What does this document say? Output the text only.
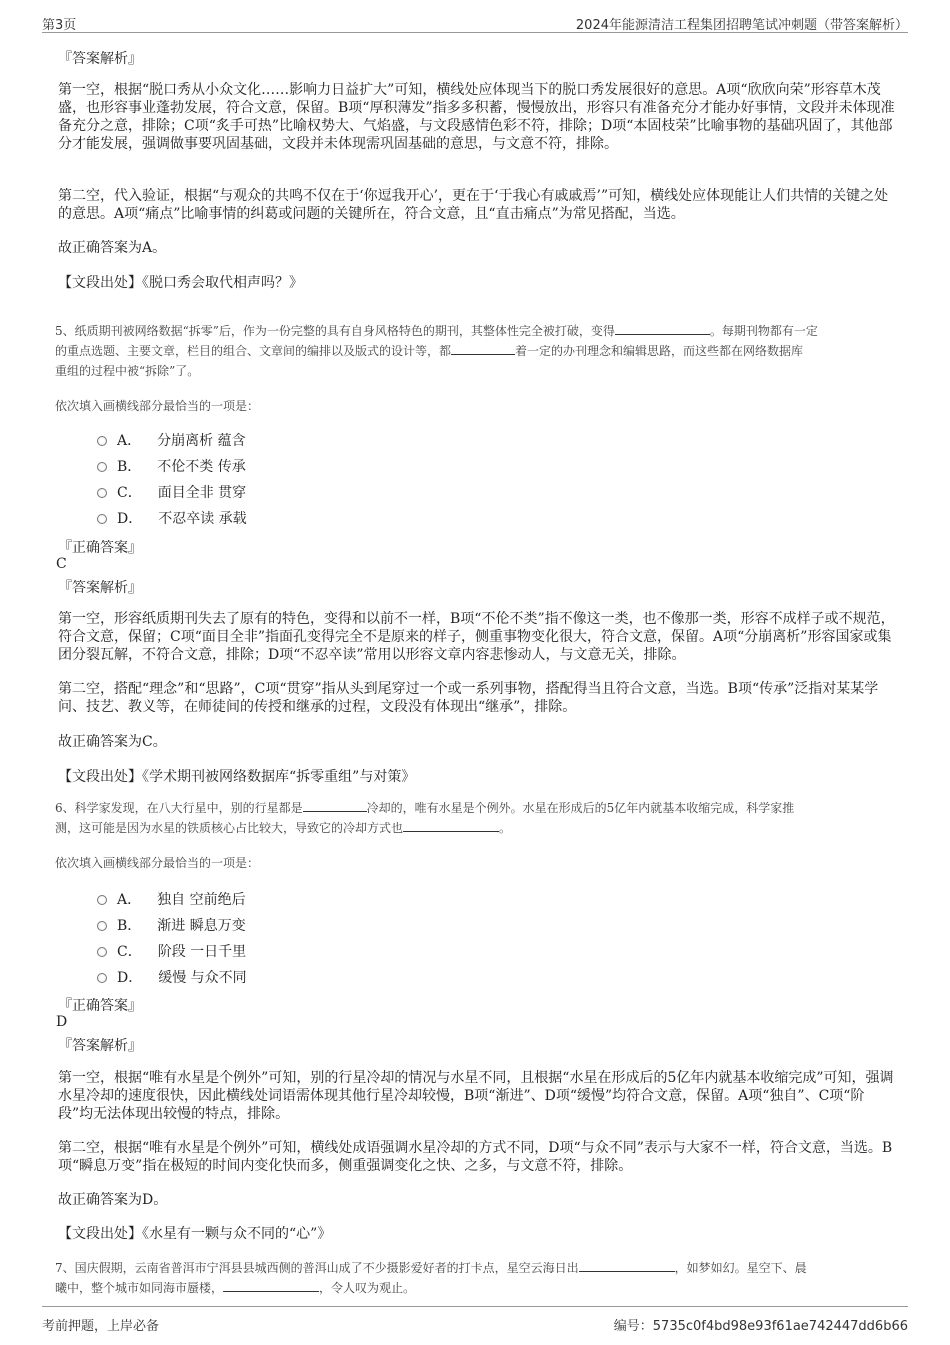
第3页	2024年能源清洁工程集团招聘笔试冲刺题（带答案解析）
『答案解析』
第一空，根据“脱口秀从小众文化……影响力日益扩大”可知，横线处应体现当下的脱口秀发展很好的意思。A项“欣欣向荣”形容草木茂盛，也形容事业蓬勃发展，符合文意，保留。B项“厚积薄发”指多多积蓄，慢慢放出，形容只有准备充分才能办好事情，文段并未体现准备充分之意，排除；C项“炙手可热”比喻权势大、气焰盛，与文段感情色彩不符，排除；D项“本固枝荣”比喻事物的基础巩固了，其他部分才能发展，强调做事要巩固基础，文段并未体现需巩固基础的意思，与文意不符，排除。
第二空，代入验证，根据“与观众的共鸣不仅在于‘你逗我开心’，更在于‘于我心有戚戚焉’”可知，横线处应体现能让人们共情的关键之处的意思。A项“痛点”比喻事情的纠葛或问题的关键所在，符合文意，且“直击痛点”为常见搭配，当选。
故正确答案为A。
【文段出处】《脱口秀会取代相声吗？》
5、纸质期刊被网络数据“拆零”后，作为一份完整的具有自身风格特色的期刊，其整体性完全被打破，变得	。每期刊物都有一定
的重点选题、主要文章，栏目的组合、文章间的编排以及版式的设计等，都	着一定的办刊理念和编辑思路，而这些都在网络数据库
重组的过程中被“拆除”了。
依次填入画横线部分最恰当的一项是：
A． 分崩离析 蕴含
B． 不伦不类 传承
C． 面目全非 贯穿
D． 不忍卒读 承载
『正确答案』
C
『答案解析』
第一空，形容纸质期刊失去了原有的特色，变得和以前不一样，B项“不伦不类”指不像这一类，也不像那一类，形容不成样子或不规范，符合文意，保留；C项“面目全非”指面孔变得完全不是原来的样子，侧重事物变化很大，符合文意，保留。A项“分崩离析”形容国家或集团分裂瓦解，不符合文意，排除；D项“不忍卒读”常用以形容文章内容悲惨动人，与文意无关，排除。
第二空，搭配“理念”和“思路”，C项“贯穿”指从头到尾穿过一个或一系列事物，搭配得当且符合文意，当选。B项“传承”泛指对某某学问、技艺、教义等，在师徒间的传授和继承的过程，文段没有体现出“继承”，排除。
故正确答案为C。
【文段出处】《学术期刊被网络数据库“拆零重组”与对策》
6、科学家发现，在八大行星中，别的行星都是	冷却的，唯有水星是个例外。水星在形成后的5亿年内就基本收缩完成，科学家推
测，这可能是因为水星的铁质核心占比较大，导致它的冷却方式也	。
依次填入画横线部分最恰当的一项是：
A． 独自 空前绝后
B． 渐进 瞬息万变
C． 阶段 一日千里
D． 缓慢 与众不同
『正确答案』
D
『答案解析』
第一空，根据“唯有水星是个例外”可知，别的行星冷却的情况与水星不同，且根据“水星在形成后的5亿年内就基本收缩完成”可知，强调水星冷却的速度很快，因此横线处词语需体现其他行星冷却较慢，B项“渐进”、D项“缓慢”均符合文意，保留。A项“独自”、C项“阶段”均无法体现出较慢的特点，排除。
第二空，根据“唯有水星是个例外”可知，横线处成语强调水星冷却的方式不同，D项“与众不同”表示与大家不一样，符合文意，当选。B项“瞬息万变”指在极短的时间内变化快而多，侧重强调变化之快、之多，与文意不符，排除。
故正确答案为D。
【文段出处】《水星有一颗与众不同的“心”》
7、国庆假期，云南省普洱市宁洱县县城西侧的普洱山成了不少摄影爱好者的打卡点，星空云海日出	，如梦如幻。星空下、晨
曦中，整个城市如同海市蜃楼，	，令人叹为观止。
考前押题，上岸必备	编号：5735c0f4bd98e93f61ae742447dd6b66
